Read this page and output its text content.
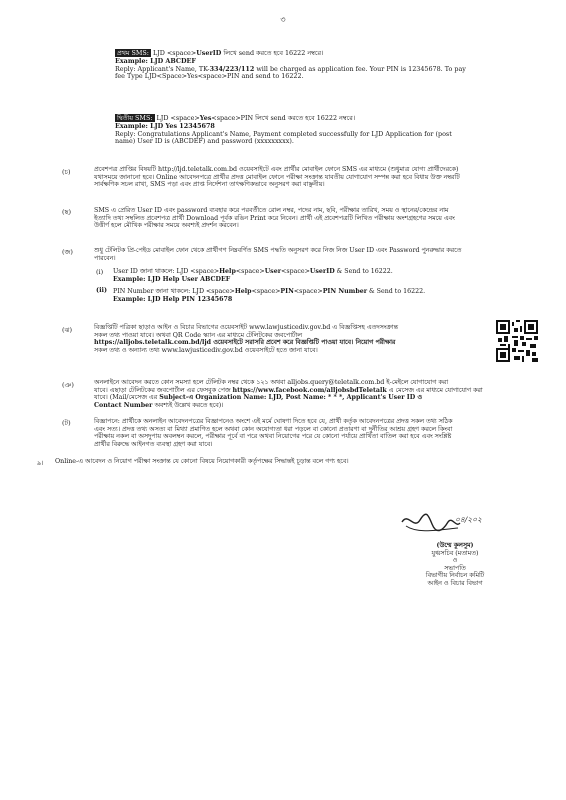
৩
প্রথম SMS: LJD <space>UserID লিখে send করতে হবে 16222 নম্বরে।
Example: LJD ABCDEF
Reply: Applicant's Name, TK-334/223/112 will be charged as application fee. Your PIN is 12345678. To pay
fee Type LJD<Space>Yes<space>PIN and send to 16222.
দ্বিতীয় SMS: LJD <space>Yes<space>PIN লিখে send করতে হবে 16222 নম্বরে।
Example: LJD Yes 12345678
Reply: Congratulations Applicant's Name, Payment completed successfully for LJD Application for (post
name) User ID is (ABCDEF) and password (xxxxxxxxx).
(চ)	প্রবেশপত্র প্রাপ্তির বিষয়টি http://ljd.teletalk.com.bd ওয়েবসাইটে এবং প্রার্থীর মোবাইল ফোনে SMS এর মাধ্যমে (শুধুমাত্র যোগ্য প্রার্থীদেরকে)
যথাসময়ে জানানো হবে। Online আবেদনপত্রে প্রার্থীর প্রদত্ত মোবাইল ফোনে পরীক্ষা সংক্রান্ত যাবতীয় যোগাযোগ সম্পন্ন করা হবে বিধায় উক্ত নম্বরটি
সার্বক্ষণিক সচল রাখা, SMS পড়া এবং প্রাপ্ত নির্দেশনা তাৎক্ষণিকভাবে অনুসরণ করা বাঞ্ছনীয়।
(ছ)	SMS এ প্রেরিত User ID এবং password ব্যবহার করে পরবর্তীতে রোল নম্বর, পদের নাম, ছবি, পরীক্ষার তারিখ, সময় ও স্থানের/কেন্দ্রের নাম
ইত্যাদি তথ্য সম্বলিত প্রবেশপত্র প্রার্থী Download পূর্বক রঙিন Print করে নিবেন। প্রার্থী এই প্রবেশপত্রটি লিখিত পরীক্ষায় অংশগ্রহণের সময়ে এবং
উত্তীর্ণ হলে মৌখিক পরীক্ষার সময়ে অবশ্যই প্রদর্শন করবেন।
(জ)	শুধু টেলিটক প্রি-পেইড মোবাইল ফোন থেকে প্রার্থীগণ নিম্নবর্ণিত SMS পদ্ধতি অনুসরণ করে নিজ নিজ User ID এবং Password পুনরুদ্ধার করতে
পারবেন।
(i) User ID জানা থাকলে: LJD <space>Help<space>User<space>UserID & Send to 16222.
Example: LJD Help User ABCDEF
(ii) PIN Number জানা থাকলে: LJD <space>Help<space>PIN<space>PIN Number & Send to 16222.
Example: LJD Help PIN 12345678
(ঝ)	বিজ্ঞপ্তিটি পত্রিকা ছাড়াও আইন ও বিচার বিভাগের ওয়েবসাইট www.lawjusticediv.gov.bd এ বিজ্ঞপ্তিসহ এতদসংক্রান্ত
সকল তথ্য পাওয়া যাবে। অথবা QR Code স্ক্যান এর মাধ্যমে টেলিটকের জবপোর্টাল
https://alljobs.teletalk.com.bd/ljd ওয়েবসাইটে সরাসরি প্রবেশ করে বিজ্ঞপ্তিটি পাওয়া যাবে। নিয়োগ পরীক্ষার
সকল তথ্য ও অন্যান্য তথ্য www.lawjusticediv.gov.bd ওয়েবসাইটে হতে জানা যাবে।
(ঞ)	অনলাইনে আবেদন করতে কোন সমস্যা হলে টেলিটক নম্বর থেকে ১২১ অথবা alljobs.query@teletalk.com.bd ই-মেইলে যোগাযোগ করা
যাবে। এছাড়া টেলিটকের জবপোর্টাল এর ফেসবুক পেজ https://www.facebook.com/alljobsbdTeletalk এ মেসেজ এর মাধ্যমে যোগাযোগ করা
যাবে। (Mail/মেসেজ এর Subject-এ Organization Name: LJD, Post Name: * * *, Applicant's User ID ও
Contact Number অবশ্যই উল্লেখ করতে হবে)।
(ট)	বিজ্ঞাপনে: প্রার্থীকে অনলাইন আবেদনপত্রের বিজ্ঞাপনেও অংশে এই মর্মে ঘোষণা দিতে হবে যে, প্রার্থী কর্তৃক আবেদনপত্রের প্রদত্ত সকল তথ্য সঠিক
এবং সত্য। প্রদত্ত তথ্য অসত্য বা মিথ্যা প্রমাণিত হলে অথবা কোন অযোগ্যতা ধরা পড়লে বা কোনো প্রতারণা বা দুর্নীতির আশ্রয় গ্রহণ করলে কিংবা
পরীক্ষায় নকল বা অসদুপায় অবলম্বন করলে, পরীক্ষার পূর্বে বা পরে অথবা নিয়োগের পরে যে কোনো পর্যায়ে প্রার্থিতা বাতিল করা হবে এবং সংশ্লিষ্ট
প্রার্থীর বিরুদ্ধে আইনগত ব্যবস্থা গ্রহণ করা যাবে।
৯। Online-এ আবেদন ও নিয়োগ পরীক্ষা সংক্রান্ত যে কোনো বিষয়ে নিয়োগকারী কর্তৃপক্ষের সিদ্ধান্তই চূড়ান্ত বলে গণ্য হবে।
০৪/২০২
(উম্মে কুলসুম)
যুগ্মসচিব (মতামত)
ও
সভাপতি
বিভাগীয় নির্বাচন কমিটি
আইন ও বিচার বিভাগ
